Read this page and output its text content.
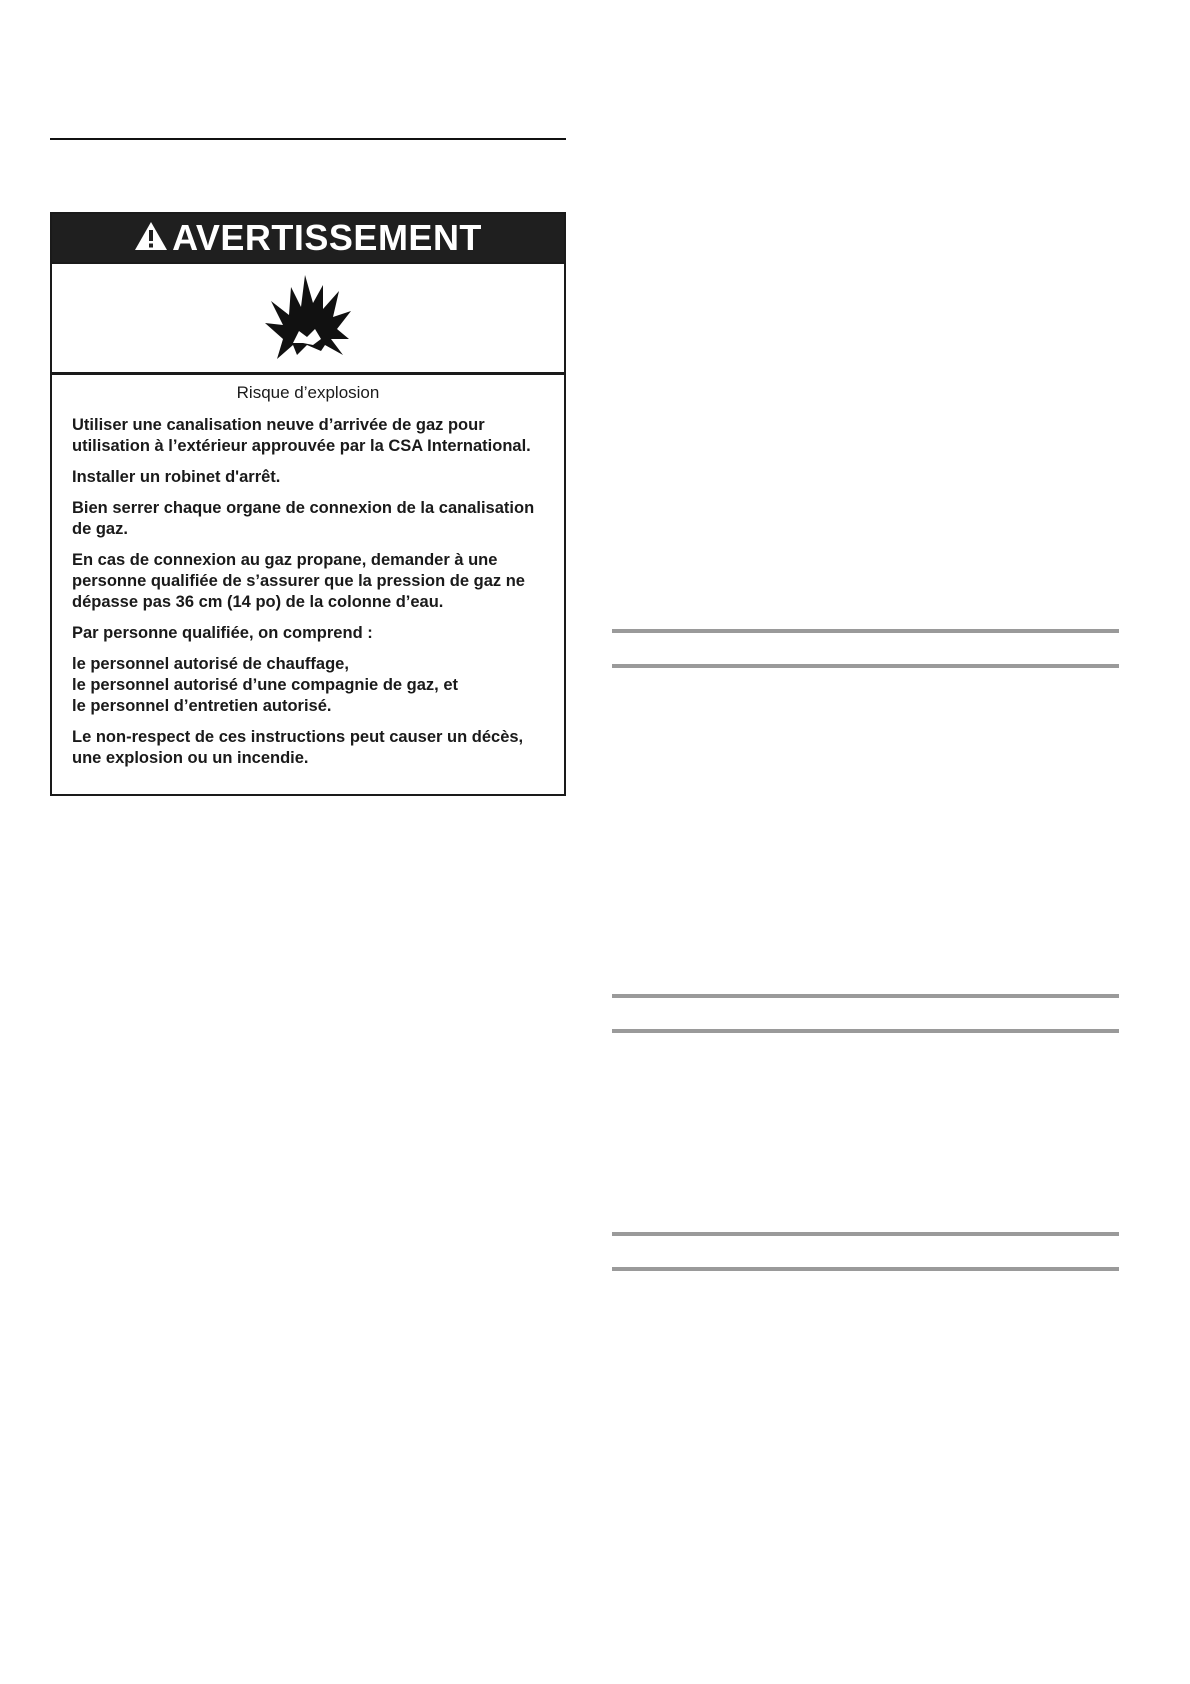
AVERTISSEMENT

Risque d’explosion

Utiliser une canalisation neuve d’arrivée de gaz pour utilisation à l’extérieur approuvée par la CSA International.

Installer un robinet d'arrêt.

Bien serrer chaque organe de connexion de la canalisation de gaz.

En cas de connexion au gaz propane, demander à une personne qualifiée de s’assurer que la pression de gaz ne dépasse pas 36 cm (14 po) de la colonne d’eau.

Par personne qualifiée, on comprend :

le personnel autorisé de chauffage,
le personnel autorisé d’une compagnie de gaz, et
le personnel d’entretien autorisé.

Le non-respect de ces instructions peut causer un décès, une explosion ou un incendie.
